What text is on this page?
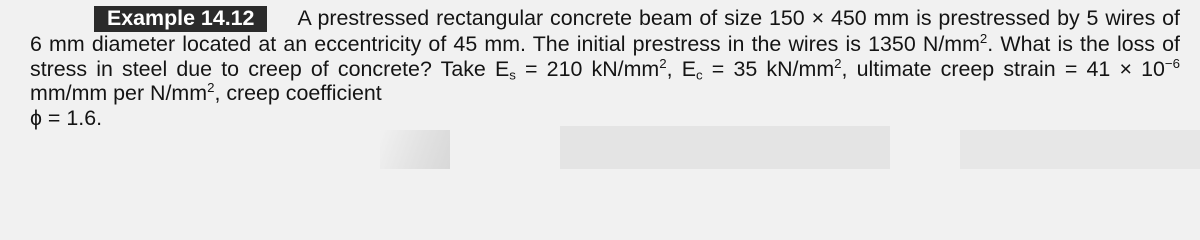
Example 14.12 A prestressed rectangular concrete beam of size 150 × 450 mm is prestressed by 5 wires of 6 mm diameter located at an eccentricity of 45 mm. The initial prestress in the wires is 1350 $N/mm^2$. What is the loss of stress in steel due to creep of concrete? Take $E_s = 210$ $kN/mm^2$, $E_c = 35$ $kN/mm^2$, ultimate creep strain = $41 \times 10^{-6}$ mm/mm per $N/mm^2$, creep coefficient
ϕ = 1.6.
